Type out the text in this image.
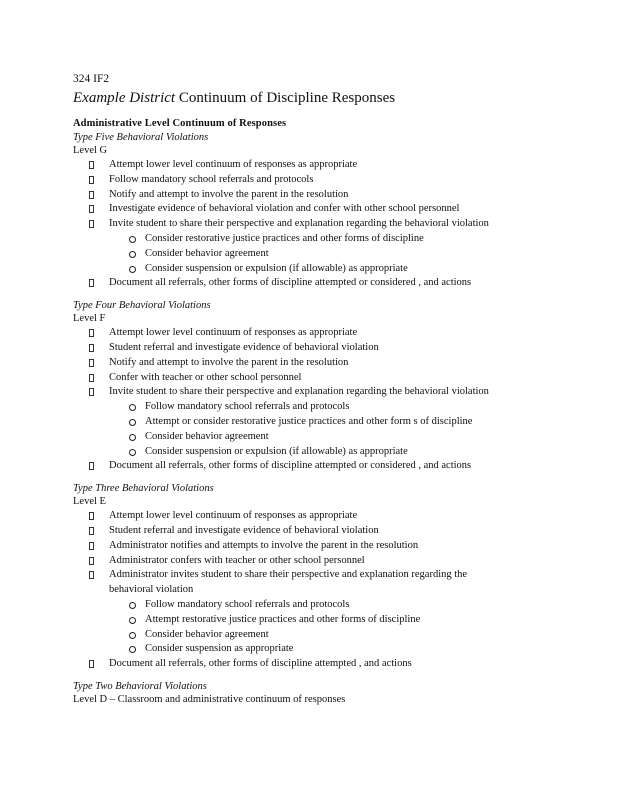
324 IF2
Example District Continuum of Discipline Responses
Administrative Level Continuum of Responses
Type Five Behavioral Violations
Level G
Attempt lower level continuum of responses as appropriate
Follow mandatory school referrals and protocols
Notify and attempt to involve the parent in the resolution
Investigate evidence of behavioral violation and confer with other school personnel
Invite student to share their perspective and explanation regarding the behavioral violation
Consider restorative justice practices and other forms of discipline
Consider behavior agreement
Consider suspension or expulsion (if allowable) as appropriate
Document all referrals, other forms of discipline attempted or considered , and actions
Type Four Behavioral Violations
Level F
Attempt lower level continuum of responses as appropriate
Student referral and investigate evidence of behavioral violation
Notify and attempt to involve the parent in the resolution
Confer with teacher or other school personnel
Invite student to share their perspective and explanation regarding the behavioral violation
Follow mandatory school referrals and protocols
Attempt or consider restorative justice practices and other form s of discipline
Consider behavior agreement
Consider suspension or expulsion (if allowable) as appropriate
Document all referrals, other forms of discipline attempted or considered , and actions
Type Three Behavioral Violations
Level E
Attempt lower level continuum of responses as appropriate
Student referral and investigate evidence of behavioral violation
Administrator notifies and attempts to involve the parent in the resolution
Administrator confers with teacher or other school personnel
Administrator invites student to share their perspective and explanation regarding the
behavioral violation
Follow mandatory school referrals and protocols
Attempt restorative justice practices and other forms of discipline
Consider behavior agreement
Consider suspension as appropriate
Document all referrals, other forms of discipline attempted , and actions
Type Two Behavioral Violations
Level D – Classroom and administrative continuum of responses
